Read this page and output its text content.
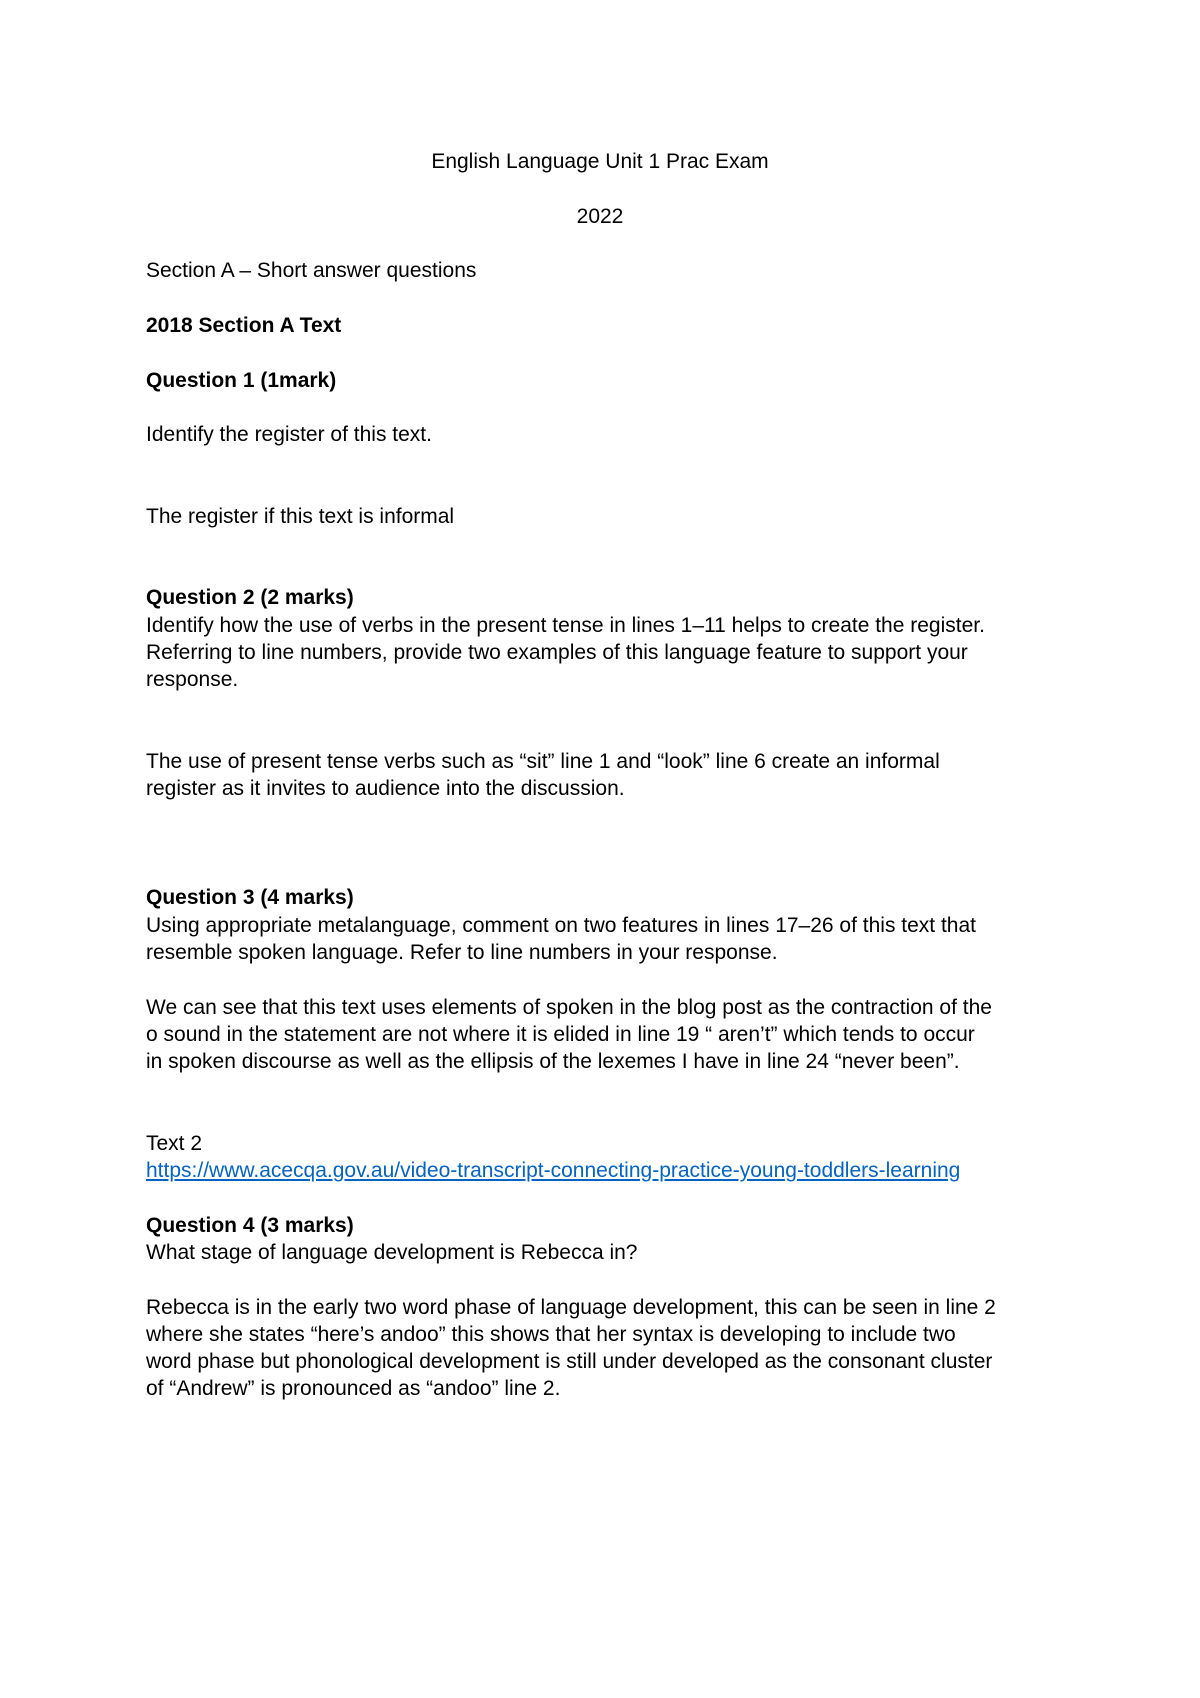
English Language Unit 1 Prac Exam
2022
Section A – Short answer questions
2018 Section A Text
Question 1 (1mark)
Identify the register of this text.
The register if this text is informal
Question 2 (2 marks)
Identify how the use of verbs in the present tense in lines 1–11 helps to create the register.
Referring to line numbers, provide two examples of this language feature to support your
response.
The use of present tense verbs such as “sit” line 1 and “look” line 6 create an informal
register as it invites to audience into the discussion.
Question 3 (4 marks)
Using appropriate metalanguage, comment on two features in lines 17–26 of this text that
resemble spoken language. Refer to line numbers in your response.
We can see that this text uses elements of spoken in the blog post as the contraction of the
o sound in the statement are not where it is elided in line 19 “ aren’t” which tends to occur
in spoken discourse as well as the ellipsis of the lexemes I have in line 24 “never been”.
Text 2
https://www.acecqa.gov.au/video-transcript-connecting-practice-young-toddlers-learning
Question 4 (3 marks)
What stage of language development is Rebecca in?
Rebecca is in the early two word phase of language development, this can be seen in line 2
where she states “here’s andoo” this shows that her syntax is developing to include two
word phase but phonological development is still under developed as the consonant cluster
of “Andrew” is pronounced as “andoo” line 2.
